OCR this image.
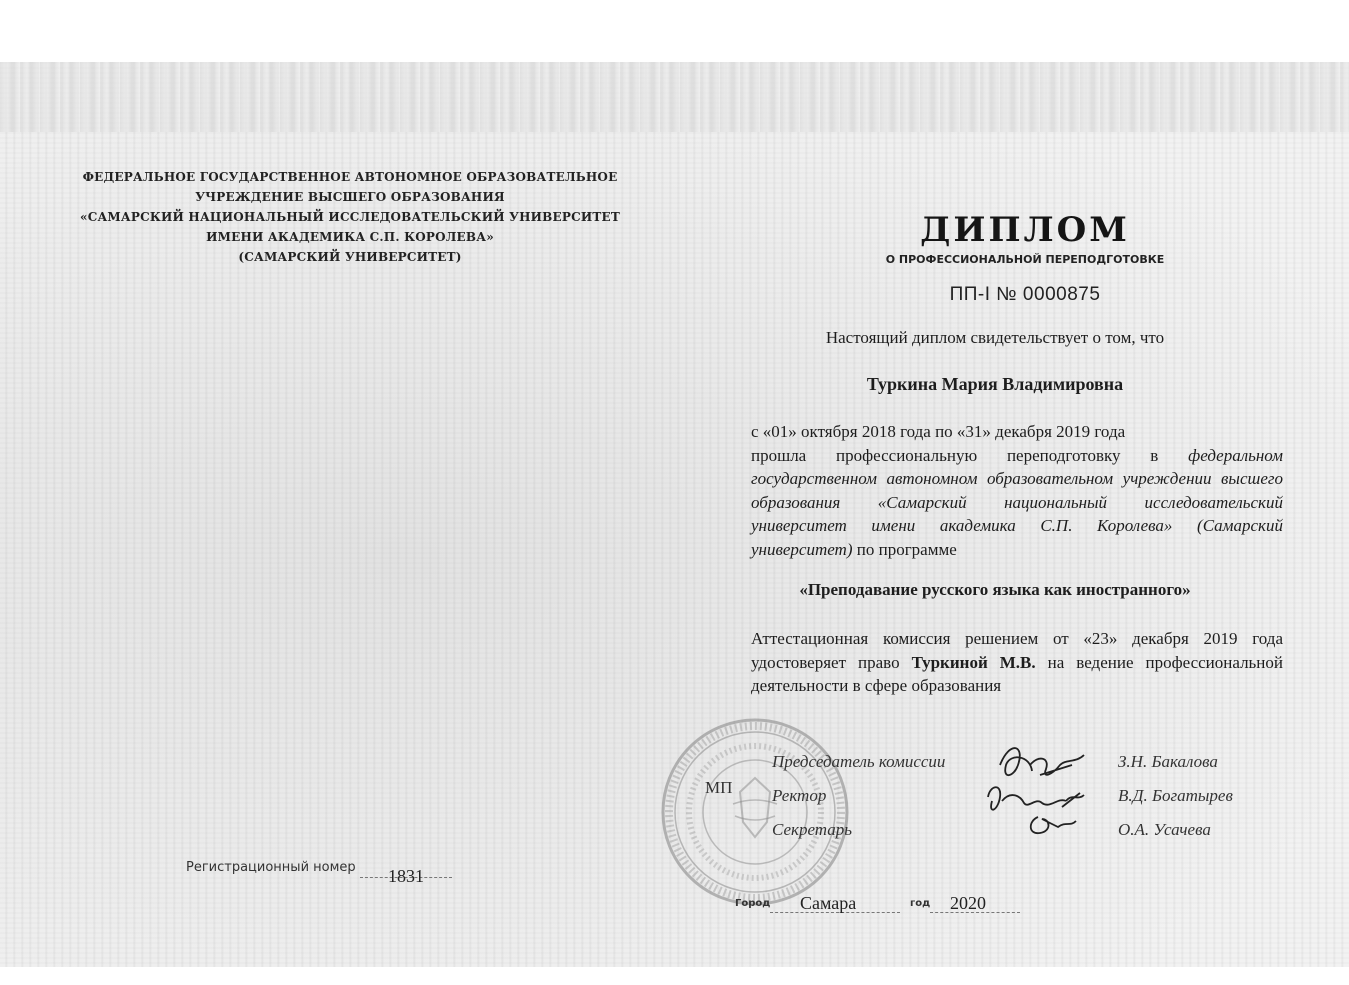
ФЕДЕРАЛЬНОЕ ГОСУДАРСТВЕННОЕ АВТОНОМНОЕ ОБРАЗОВАТЕЛЬНОЕ
УЧРЕЖДЕНИЕ ВЫСШЕГО ОБРАЗОВАНИЯ
«САМАРСКИЙ НАЦИОНАЛЬНЫЙ ИССЛЕДОВАТЕЛЬСКИЙ УНИВЕРСИТЕТ
ИМЕНИ АКАДЕМИКА С.П. КОРОЛЕВА»
(САМАРСКИЙ УНИВЕРСИТЕТ)
ДИПЛОМ
О ПРОФЕССИОНАЛЬНОЙ ПЕРЕПОДГОТОВКЕ
ПП-I № 0000875
Настоящий диплом свидетельствует о том, что
Туркина Мария Владимировна

с «01» октября 2018 года по «31» декабря 2019 года

прошла профессиональную переподготовку в федеральном государственном автономном образовательном учреждении высшего образования «Самарский национальный исследовательский университет имени академика С.П. Королева» (Самарский университет) по программе

«Преподавание русского языка как иностранного»
Аттестационная комиссия решением от «23» декабря 2019 года удостоверяет право Туркиной М.В. на ведение профессиональной деятельности в сфере образования
МП
Председатель комиссии
Ректор
Секретарь
З.Н. Бакалова
В.Д. Богатырев
О.А. Усачева
Регистрационный номер 1831
Город Самара	год 2020
